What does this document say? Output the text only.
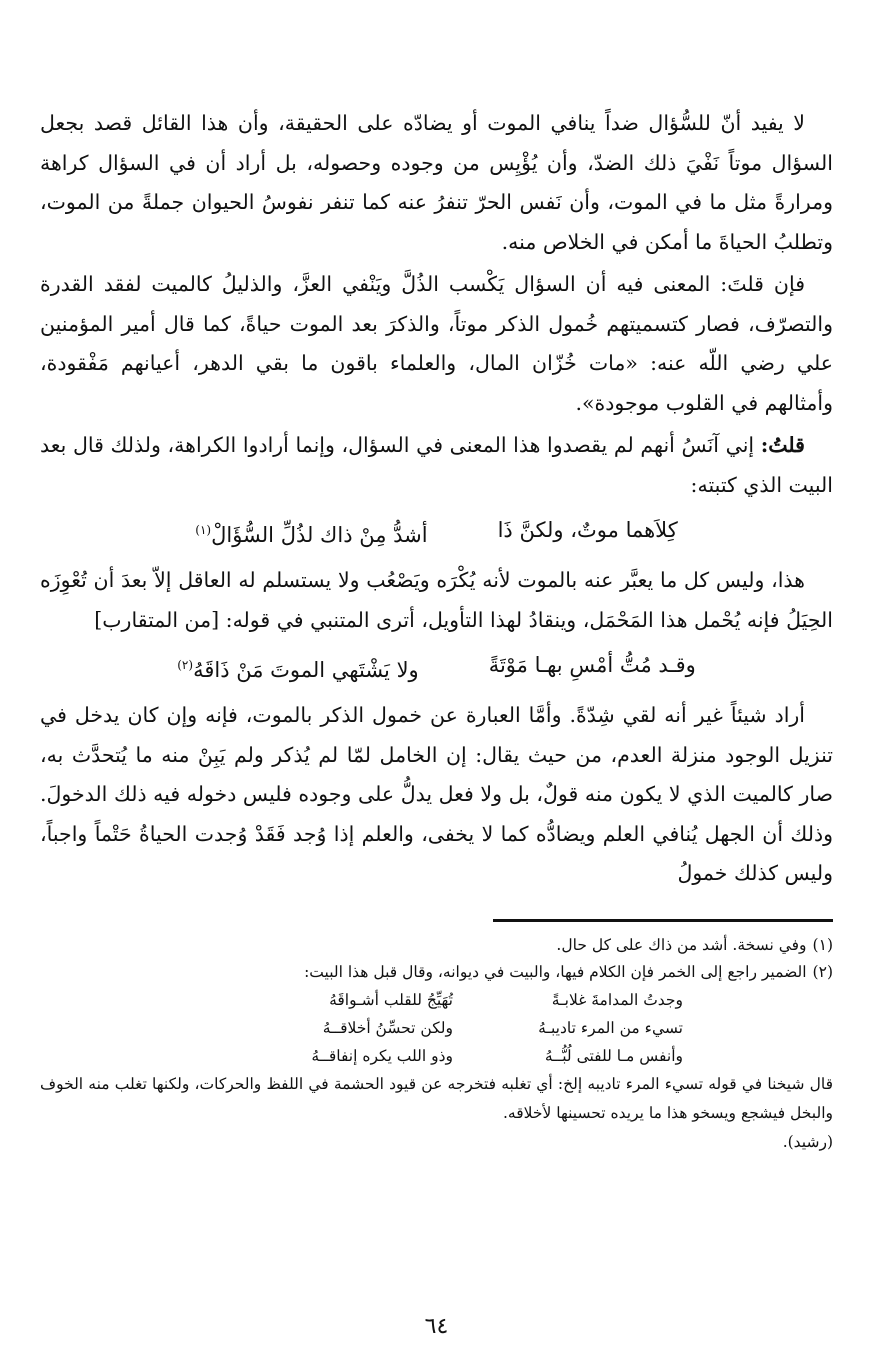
لا يفيد أنّ للسُّؤال ضداً ينافي الموت أو يضادّه على الحقيقة، وأن هذا القائل قصد بجعل السؤال موتاً نَفْيَ ذلك الضدّ، وأن يُؤْيِس من وجوده وحصوله، بل أراد أن في السؤال كراهة ومرارةً مثل ما في الموت، وأن نَفس الحرّ تنفرُ عنه كما تنفر نفوسُ الحيوان جملةً من الموت، وتطلبُ الحياةَ ما أمكن في الخلاص منه.

فإن قلتَ: المعنى فيه أن السؤال يَكْسب الذُلَّ ويَنْفي العزَّ، والذليلُ كالميت لفقد القدرة والتصرّف، فصار كتسميتهم خُمول الذكر موتاً، والذكرَ بعد الموت حياةً، كما قال أمير المؤمنين علي رضي اللّه عنه: «مات خُزّان المال، والعلماء باقون ما بقي الدهر، أعيانهم مَفْقودة، وأمثالهم في القلوب موجودة».

قلتُ: إني آنَسُ أنهم لم يقصدوا هذا المعنى في السؤال، وإنما أرادوا الكراهة، ولذلك قال بعد البيت الذي كتبته:

كِلاَهما موتٌ، ولكنَّ ذَا
أشدُّ مِنْ ذاك لذُلِّ السُّؤَالْ$^{(١)}$

هذا، وليس كل ما يعبَّر عنه بالموت لأنه يُكْرَه ويَصْعُب ولا يستسلم له العاقل إلاّ بعدَ أن تُعْوِزَه الحِيَلُ فإنه يُحْمل هذا المَحْمَل، وينقادُ لهذا التأويل، أترى المتنبي في قوله: [من المتقارب]

وقـد مُتُّ أمْسِ بهـا مَوْتَةً
ولا يَشْتَهي الموتَ مَنْ ذَاقَهُ$^{(٢)}$

أراد شيئاً غير أنه لقي شِدّةً. وأمَّا العبارة عن خمول الذكر بالموت، فإنه وإن كان يدخل في تنزيل الوجود منزلة العدم، من حيث يقال: إن الخامل لمّا لم يُذكر ولم يَبِنْ منه ما يُتحدَّث به، صار كالميت الذي لا يكون منه قولٌ، بل ولا فعل يدلُّ على وجوده فليس دخوله فيه ذلك الدخولَ. وذلك أن الجهل يُنافي العلم ويضادُّه كما لا يخفى، والعلم إذا وُجد فَقَدْ وُجدت الحياةُ حَتْماً واجباً، وليس كذلك خمولُ

(١)وفي نسخة. أشد من ذاك على كل حال.

(٢)الضمير راجع إلى الخمر فإن الكلام فيها، والبيت في ديوانه، وقال قبل هذا البيت:

وجدتُ المدامةَ غلابـةً
تُهَيِّجُ للقلب أشـواقَهُ
تسيء من المرء تاديبـهُ
ولكن تحسِّنُ أخلاقــهُ
وأنفس مـا للفتى لُبُّــهُ
وذو اللب يكره إنفاقــهُ

قال شيخنا في قوله تسيء المرء تاديبه إلخ: أي تغلبه فتخرجه عن قيود الحشمة في اللفظ والحركات، ولكنها تغلب منه الخوف والبخل فيشجع ويسخو هذا ما يريده تحسينها لأخلاقه.

(رشيد).

٦٤
